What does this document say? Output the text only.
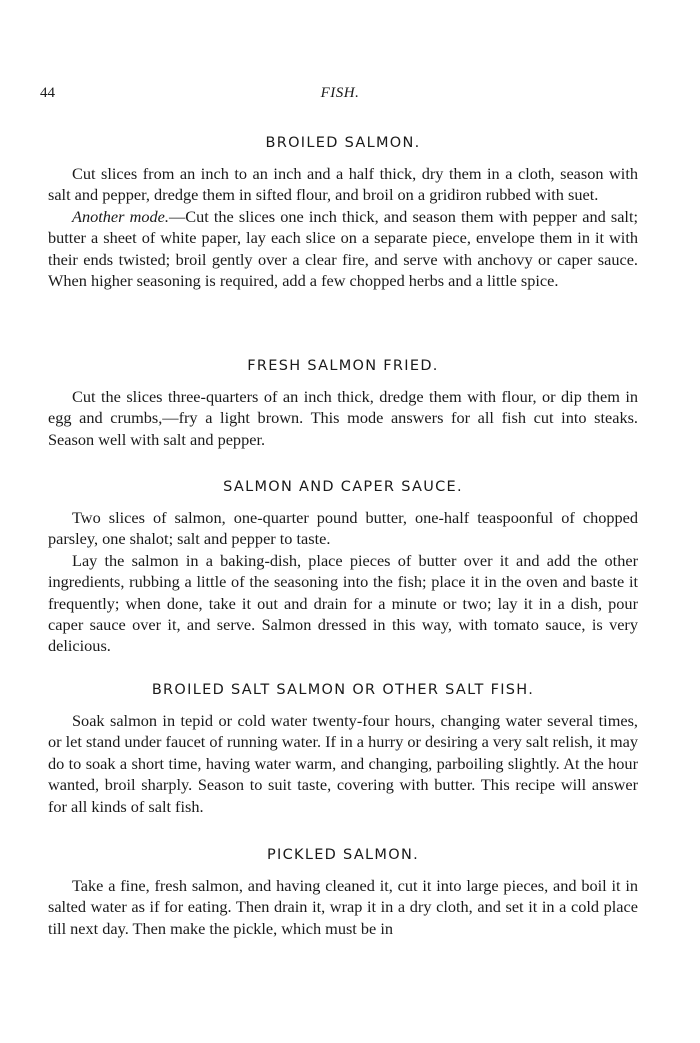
44	FISH.
BROILED SALMON.

Cut slices from an inch to an inch and a half thick, dry them in a cloth, season with salt and pepper, dredge them in sifted flour, and broil on a gridiron rubbed with suet.

Another mode.—Cut the slices one inch thick, and season them with pepper and salt; butter a sheet of white paper, lay each slice on a separate piece, envelope them in it with their ends twisted; broil gently over a clear fire, and serve with anchovy or caper sauce. When higher seasoning is required, add a few chopped herbs and a little spice.

FRESH SALMON FRIED.

Cut the slices three-quarters of an inch thick, dredge them with flour, or dip them in egg and crumbs,—fry a light brown. This mode answers for all fish cut into steaks. Season well with salt and pepper.

SALMON AND CAPER SAUCE.

Two slices of salmon, one-quarter pound butter, one-half teaspoonful of chopped parsley, one shalot; salt and pepper to taste.

Lay the salmon in a baking-dish, place pieces of butter over it and add the other ingredients, rubbing a little of the seasoning into the fish; place it in the oven and baste it frequently; when done, take it out and drain for a minute or two; lay it in a dish, pour caper sauce over it, and serve. Salmon dressed in this way, with tomato sauce, is very delicious.

BROILED SALT SALMON OR OTHER SALT FISH.

Soak salmon in tepid or cold water twenty-four hours, changing water several times, or let stand under faucet of running water. If in a hurry or desiring a very salt relish, it may do to soak a short time, having water warm, and changing, parboiling slightly. At the hour wanted, broil sharply. Season to suit taste, covering with butter. This recipe will answer for all kinds of salt fish.

PICKLED SALMON.

Take a fine, fresh salmon, and having cleaned it, cut it into large pieces, and boil it in salted water as if for eating. Then drain it, wrap it in a dry cloth, and set it in a cold place till next day. Then make the pickle, which must be in
